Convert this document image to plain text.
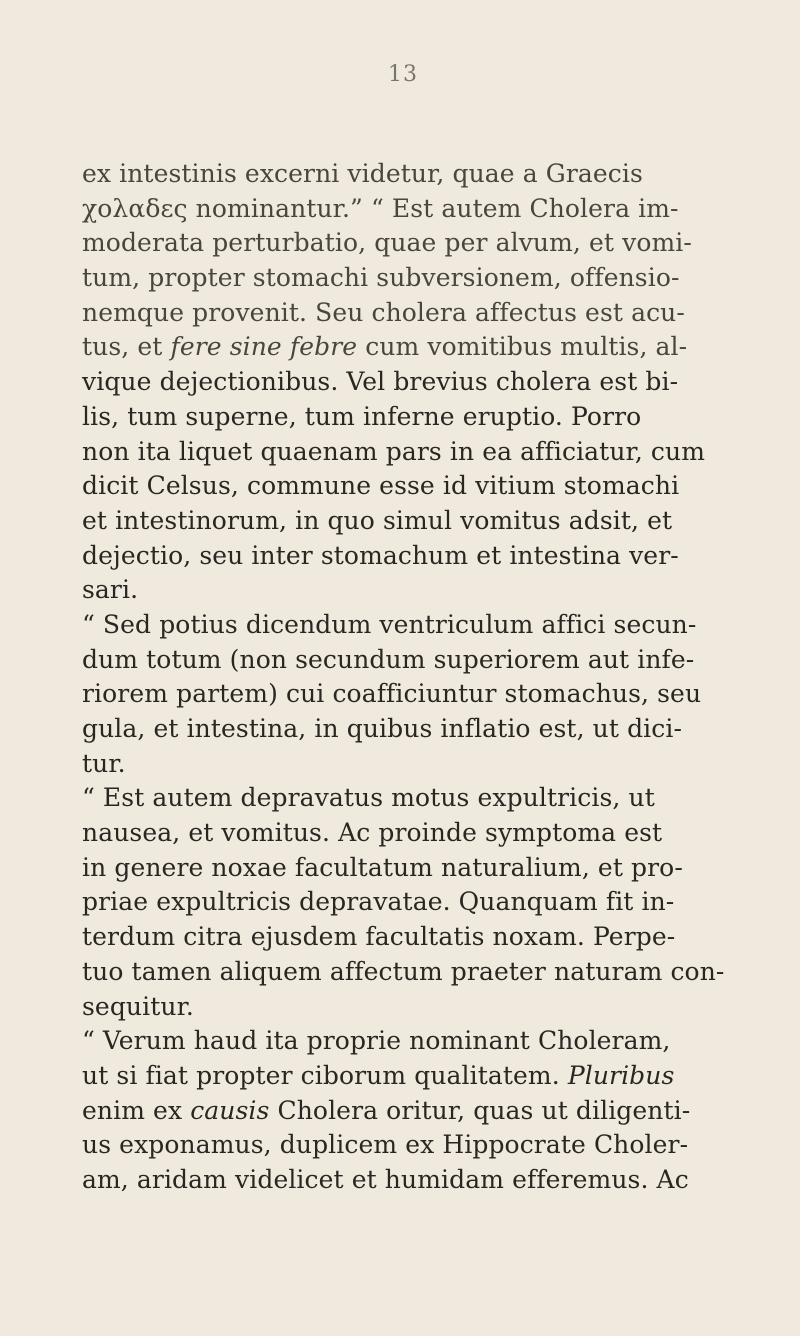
13
ex intestinis excerni videtur, quae a Graecis
χολαδες nominantur.” “ Est autem Cholera im-
moderata perturbatio, quae per alvum, et vomi-
tum, propter stomachi subversionem, offensio-
nemque provenit. Seu cholera affectus est acu-
tus, et fere sine febre cum vomitibus multis, al-
vique dejectionibus. Vel brevius cholera est bi-
lis, tum superne, tum inferne eruptio. Porro
non ita liquet quaenam pars in ea afficiatur, cum
dicit Celsus, commune esse id vitium stomachi
et intestinorum, in quo simul vomitus adsit, et
dejectio, seu inter stomachum et intestina ver-
sari.
“ Sed potius dicendum ventriculum affici secun-
dum totum (non secundum superiorem aut infe-
riorem partem) cui coafficiuntur stomachus, seu
gula, et intestina, in quibus inflatio est, ut dici-
tur.
“ Est autem depravatus motus expultricis, ut
nausea, et vomitus. Ac proinde symptoma est
in genere noxae facultatum naturalium, et pro-
priae expultricis depravatae. Quanquam fit in-
terdum citra ejusdem facultatis noxam. Perpe-
tuo tamen aliquem affectum praeter naturam con-
sequitur.
“ Verum haud ita proprie nominant Choleram,
ut si fiat propter ciborum qualitatem. Pluribus
enim ex causis Cholera oritur, quas ut diligenti-
us exponamus, duplicem ex Hippocrate Choler-
am, aridam videlicet et humidam efferemus. Ac
